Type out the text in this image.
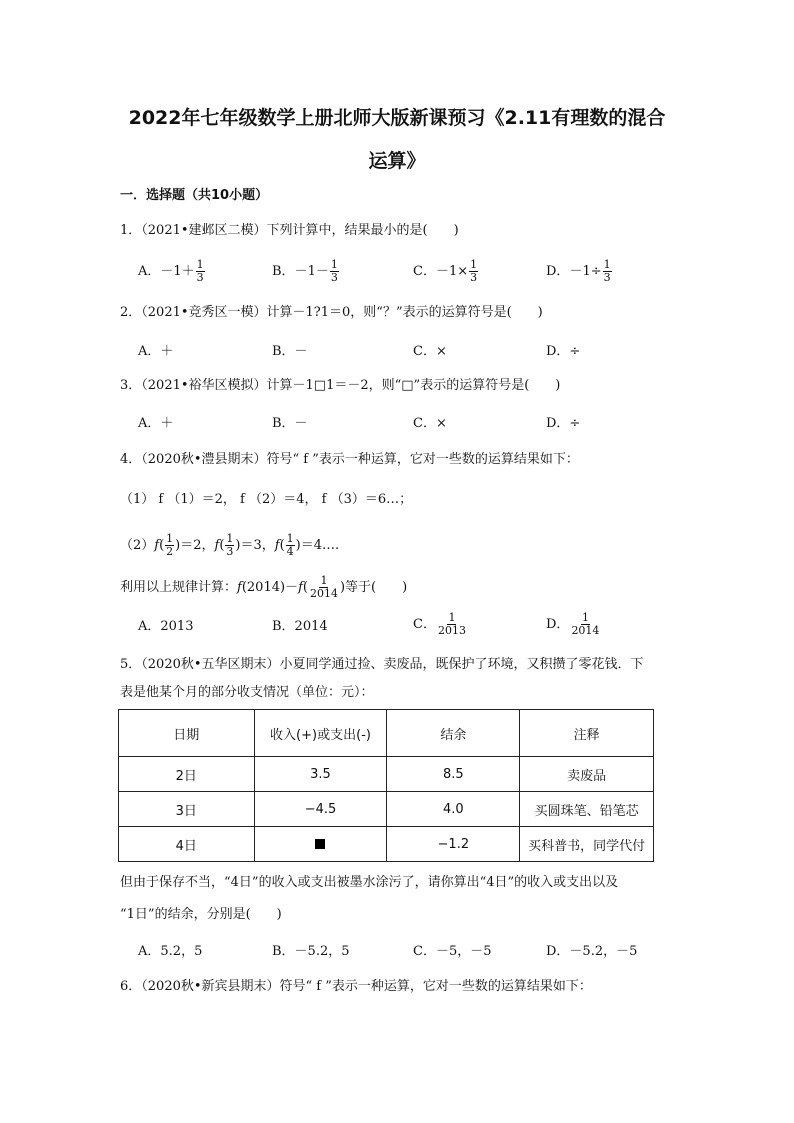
2022年七年级数学上册北师大版新课预习《2.11有理数的混合
运算》
一．选择题（共10小题）
1．（2021•建邺区二模）下列计算中，结果最小的是(　　)
A．$-1+ \frac{1}{3}$	B．$-1- \frac{1}{3}$	C．$-1\times \frac{1}{3}$	D．$-1\div \frac{1}{3}$
2．（2021•竞秀区一模）计算－1?1＝0，则“？”表示的运算符号是(　　)
A．＋	B．－	C．×	D．÷
3．（2021•裕华区模拟）计算－1□1＝－2，则“□”表示的运算符号是(　　)
A．＋	B．－	C．×	D．÷
4．（2020秋•澧县期末）符号“ f ”表示一种运算，它对一些数的运算结果如下：
（1） f （1）＝2， f （2）＝4， f （3）＝6…；
$(2)f( \frac{1}{2} )=2$，$f( \frac{1}{3} )=3$，$f( \frac{1}{4}$ )＝4….
利用以上规律计算：$f(2014)-f( \frac{1}{2014}$ )等于(　　)
A．2013	B．2014	C． $\frac{1}{2013}$	D． $\frac{1}{2014}$
5．（2020秋•五华区期末）小夏同学通过捡、卖废品，既保护了环境，又积攒了零花钱．下
表是他某个月的部分收支情况（单位：元）：
日期	收入(+)或支出(-)	结余	注释
2日	3.5	8.5	卖废品
3日	−4.5	4.0	买圆珠笔、铅笔芯
4日		−1.2	买科普书，同学代付
但由于保存不当，“4日”的收入或支出被墨水涂污了，请你算出“4日”的收入或支出以及
“1日”的结余，分别是(　　)
A．5.2，5	B．－5.2，5	C．－5，－5	D．－5.2，－5
6．（2020秋•新宾县期末）符号“ f ”表示一种运算，它对一些数的运算结果如下：
